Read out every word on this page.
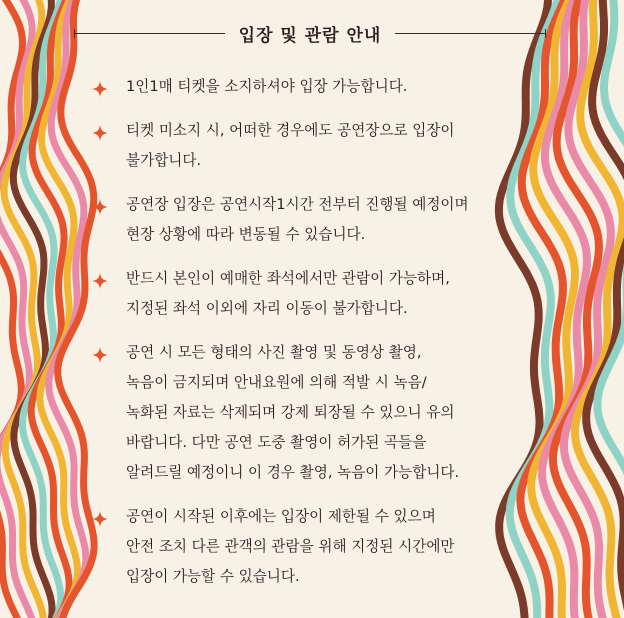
입장 및 관람 안내
1인1매 티켓을 소지하셔야 입장 가능합니다.
티켓 미소지 시, 어떠한 경우에도 공연장으로 입장이
불가합니다.
공연장 입장은 공연시작1시간 전부터 진행될 예정이며
현장 상황에 따라 변동될 수 있습니다.
반드시 본인이 예매한 좌석에서만 관람이 가능하며,
지정된 좌석 이외에 자리 이동이 불가합니다.
공연 시 모든 형태의 사진 촬영 및 동영상 촬영,
녹음이 금지되며 안내요원에 의해 적발 시 녹음/
녹화된 자료는 삭제되며 강제 퇴장될 수 있으니 유의
바랍니다. 다만 공연 도중 촬영이 허가된 곡들을
알려드릴 예정이니 이 경우 촬영, 녹음이 가능합니다.
공연이 시작된 이후에는 입장이 제한될 수 있으며
안전 조치 다른 관객의 관람을 위해 지정된 시간에만
입장이 가능할 수 있습니다.
